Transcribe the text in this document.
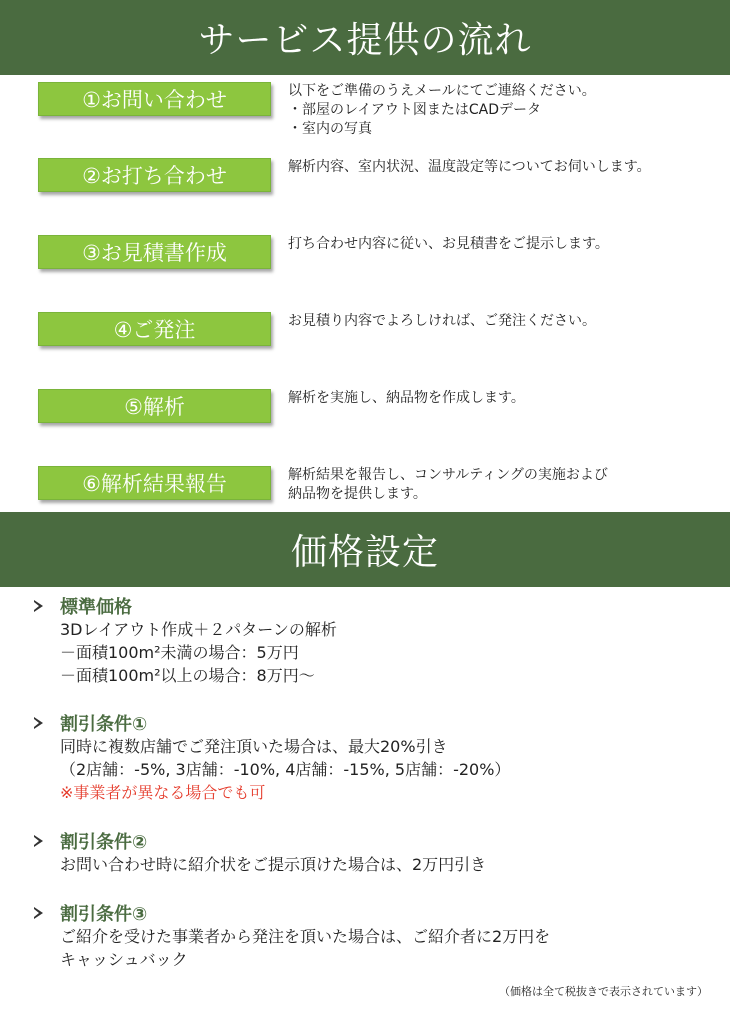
サービス提供の流れ
①お問い合わせ	以下をご準備のうえメールにてご連絡ください。
・部屋のレイアウト図またはCADデータ
・室内の写真
②お打ち合わせ	解析内容、室内状況、温度設定等についてお伺いします。
③お見積書作成	打ち合わせ内容に従い、お見積書をご提示します。
④ご発注	お見積り内容でよろしければ、ご発注ください。
⑤解析	解析を実施し、納品物を作成します。
⑥解析結果報告	解析結果を報告し、コンサルティングの実施および
納品物を提供します。
価格設定
標準価格
3Dレイアウト作成＋２パターンの解析
－面積100m²未満の場合：5万円
－面積100m²以上の場合：8万円～
割引条件①
同時に複数店舗でご発注頂いた場合は、最大20%引き
（2店舗：-5%, 3店舗：-10%, 4店舗：-15%, 5店舗：-20%）
※事業者が異なる場合でも可
割引条件②
お問い合わせ時に紹介状をご提示頂けた場合は、2万円引き
割引条件③
ご紹介を受けた事業者から発注を頂いた場合は、ご紹介者に2万円を
キャッシュバック
（価格は全て税抜きで表示されています）
